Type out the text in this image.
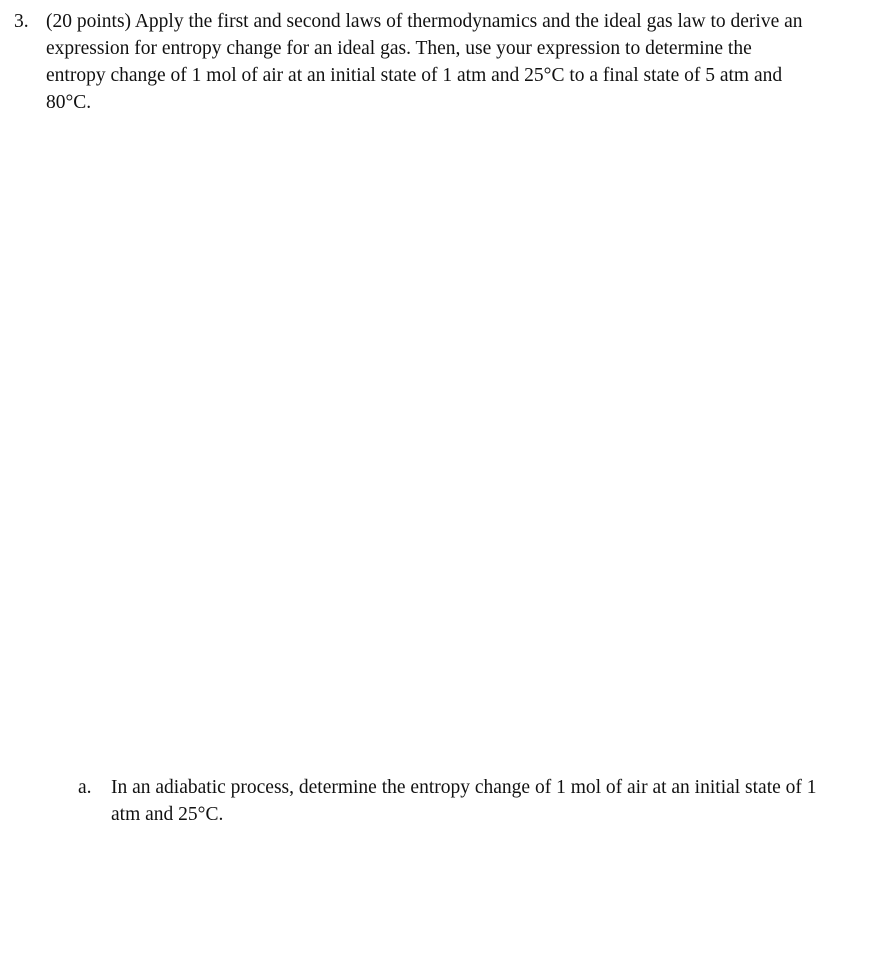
3. (20 points) Apply the first and second laws of thermodynamics and the ideal gas law to derive an expression for entropy change for an ideal gas. Then, use your expression to determine the entropy change of 1 mol of air at an initial state of 1 atm and 25°C to a final state of 5 atm and 80°C.

a. In an adiabatic process, determine the entropy change of 1 mol of air at an initial state of 1 atm and 25°C.
